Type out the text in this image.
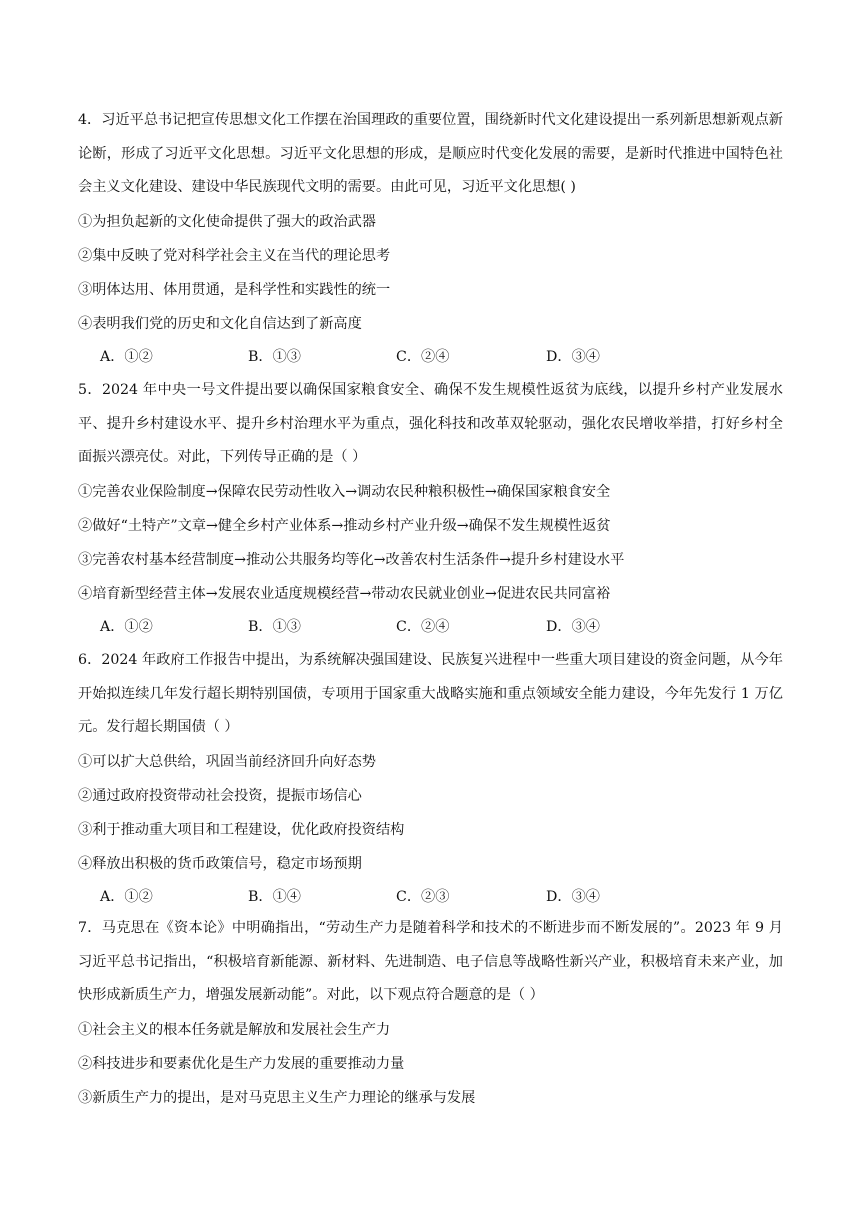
4．习近平总书记把宣传思想文化工作摆在治国理政的重要位置，围绕新时代文化建设提出一系列新思想新观点新论断，形成了习近平文化思想。习近平文化思想的形成，是顺应时代变化发展的需要，是新时代推进中国特色社会主义文化建设、建设中华民族现代文明的需要。由此可见，习近平文化思想( )

①为担负起新的文化使命提供了强大的政治武器

②集中反映了党对科学社会主义在当代的理论思考

③明体达用、体用贯通，是科学性和实践性的统一

④表明我们党的历史和文化自信达到了新高度

A．①②	B．①③	C．②④	D．③④

5．2024 年中央一号文件提出要以确保国家粮食安全、确保不发生规模性返贫为底线，以提升乡村产业发展水平、提升乡村建设水平、提升乡村治理水平为重点，强化科技和改革双轮驱动，强化农民增收举措，打好乡村全面振兴漂亮仗。对此，下列传导正确的是（ ）

①完善农业保险制度→保障农民劳动性收入→调动农民种粮积极性→确保国家粮食安全

②做好“土特产”文章→健全乡村产业体系→推动乡村产业升级→确保不发生规模性返贫

③完善农村基本经营制度→推动公共服务均等化→改善农村生活条件→提升乡村建设水平

④培育新型经营主体→发展农业适度规模经营→带动农民就业创业→促进农民共同富裕

A．①②	B．①③	C．②④	D．③④

6．2024 年政府工作报告中提出，为系统解决强国建设、民族复兴进程中一些重大项目建设的资金问题，从今年开始拟连续几年发行超长期特别国债，专项用于国家重大战略实施和重点领域安全能力建设，今年先发行 1 万亿元。发行超长期国债（ ）

①可以扩大总供给，巩固当前经济回升向好态势

②通过政府投资带动社会投资，提振市场信心

③利于推动重大项目和工程建设，优化政府投资结构

④释放出积极的货币政策信号，稳定市场预期

A．①②	B．①④	C．②③	D．③④

7．马克思在《资本论》中明确指出，“劳动生产力是随着科学和技术的不断进步而不断发展的”。2023 年 9 月习近平总书记指出，“积极培育新能源、新材料、先进制造、电子信息等战略性新兴产业，积极培育未来产业，加快形成新质生产力，增强发展新动能”。对此，以下观点符合题意的是（ ）

①社会主义的根本任务就是解放和发展社会生产力

②科技进步和要素优化是生产力发展的重要推动力量

③新质生产力的提出，是对马克思主义生产力理论的继承与发展
